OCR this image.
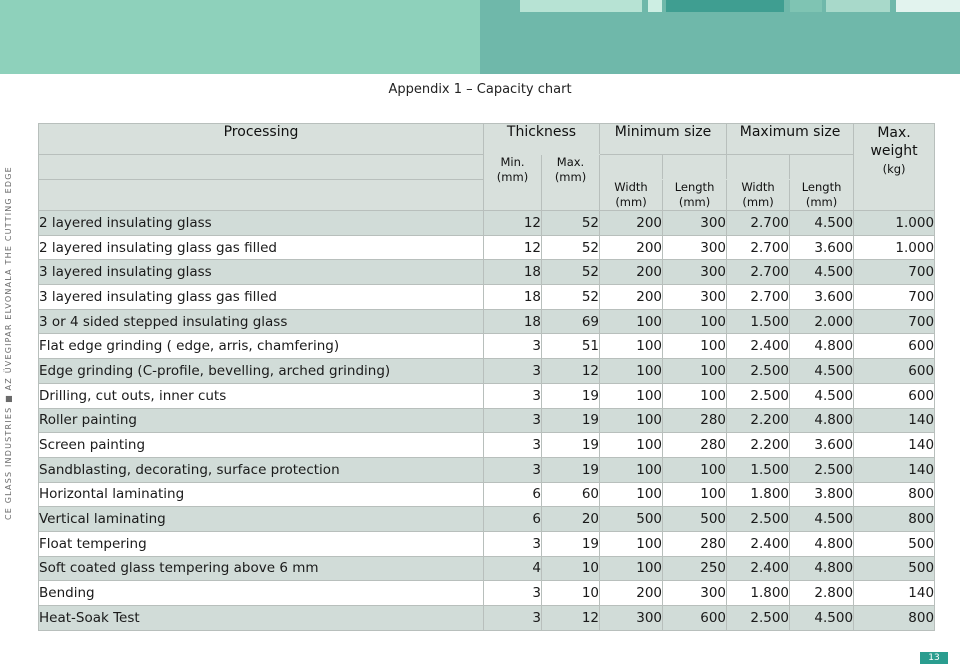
Appendix 1 – Capacity chart
CE GLASS INDUSTRIES ■ AZ ÜVEGIPAR ELVONALA THE CUTTING EDGE
Processing	Thickness		Minimum size		Maximum size		Max. weight
(kg)

	Min. (mm)	Max. (mm)					
			Width (mm)	Length (mm)	Width (mm)	Length (mm)	
2 layered insulating glass	12	52	200	300	2.700	4.500	1.000
2 layered insulating glass gas filled	12	52	200	300	2.700	3.600	1.000
3 layered insulating glass	18	52	200	300	2.700	4.500	700
3 layered insulating glass gas filled	18	52	200	300	2.700	3.600	700
3 or 4 sided stepped insulating glass	18	69	100	100	1.500	2.000	700
Flat edge grinding ( edge, arris, chamfering)	3	51	100	100	2.400	4.800	600
Edge grinding (C-profile, bevelling, arched grinding)	3	12	100	100	2.500	4.500	600
Drilling, cut outs, inner cuts	3	19	100	100	2.500	4.500	600
Roller painting	3	19	100	280	2.200	4.800	140
Screen painting	3	19	100	280	2.200	3.600	140
Sandblasting, decorating, surface protection	3	19	100	100	1.500	2.500	140
Horizontal laminating	6	60	100	100	1.800	3.800	800
Vertical laminating	6	20	500	500	2.500	4.500	800
Float tempering	3	19	100	280	2.400	4.800	500
Soft coated glass tempering above 6 mm	4	10	100	250	2.400	4.800	500
Bending	3	10	200	300	1.800	2.800	140
Heat-Soak Test	3	12	300	600	2.500	4.500	800
13
